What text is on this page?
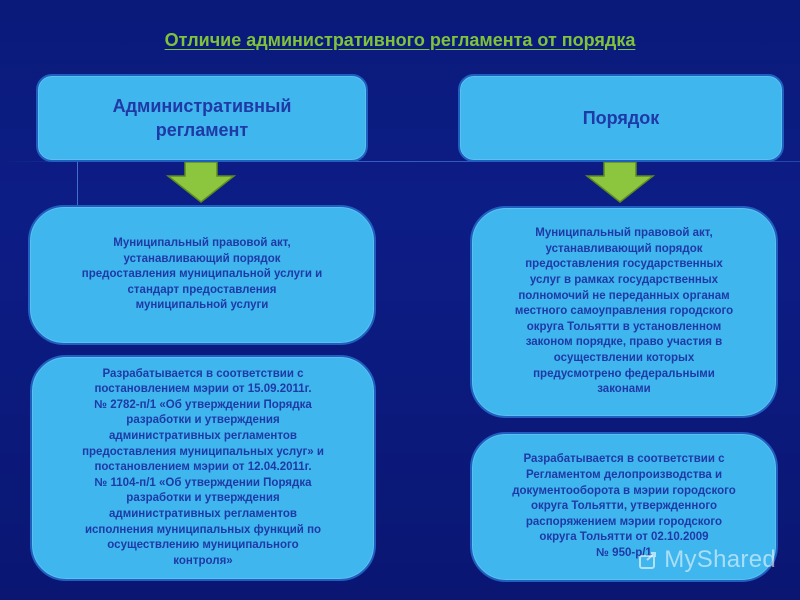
Отличие административного регламента от порядка
Административный
регламент
Порядок
Муниципальный правовой акт,
устанавливающий порядок
предоставления муниципальной услуги и
стандарт предоставления
муниципальной услуги
Разрабатывается в соответствии с
постановлением мэрии от 15.09.2011г.
№ 2782-п/1 «Об утверждении Порядка
разработки и утверждения
административных регламентов
предоставления муниципальных услуг» и
постановлением мэрии от 12.04.2011г.
№ 1104-п/1 «Об утверждении Порядка
разработки и утверждения
административных регламентов
исполнения муниципальных функций по
осуществлению муниципального
контроля»
Муниципальный правовой акт,
устанавливающий порядок
предоставления государственных
услуг в рамках государственных
полномочий не переданных органам
местного самоуправления городского
округа Тольятти в установленном
законом порядке, право участия в
осуществлении которых
предусмотрено федеральными
законами
Разрабатывается в соответствии с
Регламентом делопроизводства и
документооборота в мэрии городского
округа Тольятти, утвержденного
распоряжением мэрии городского
округа Тольятти от 02.10.2009
№ 950-р/1 MyShared
